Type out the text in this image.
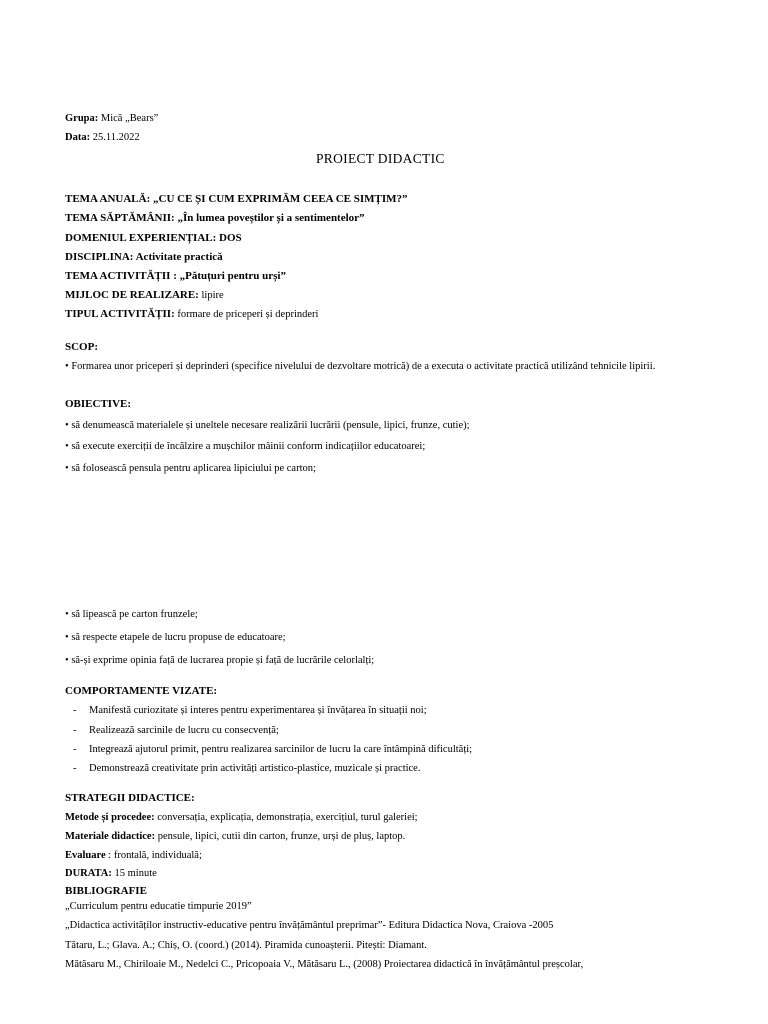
Grupa: Mică „Bears”
Data: 25.11.2022
PROIECT DIDACTIC
TEMA ANUALĂ: „CU CE ȘI CUM EXPRIMĂM CEEA CE SIMȚIM?”
TEMA SĂPTĂMÂNII: „În lumea poveștilor și a sentimentelor”
DOMENIUL EXPERIENȚIAL: DOS
DISCIPLINA: Activitate practică
TEMA ACTIVITĂȚII : „Pătuțuri pentru urși”
MIJLOC DE REALIZARE: lipire
TIPUL ACTIVITĂȚII: formare de priceperi și deprinderi
SCOP:
• Formarea unor priceperi și deprinderi (specifice nivelului de dezvoltare motrică) de a executa o activitate practică utilizând tehnicile lipirii.
OBIECTIVE:
• să denumească materialele și uneltele necesare realizării lucrării (pensule, lipici, frunze, cutie);
• să execute exerciții de încălzire a mușchilor mâinii conform indicațiilor educatoarei;
• să folosească pensula pentru aplicarea lipiciului pe carton;
• să lipească pe carton frunzele;
• să respecte etapele de lucru propuse de educatoare;
• să-și exprime opinia față de lucrarea propie și față de lucrările celorlalți;
COMPORTAMENTE VIZATE:
- Manifestă curiozitate și interes pentru experimentarea și învățarea în situații noi;
- Realizează sarcinile de lucru cu consecvență;
- Integrează ajutorul primit, pentru realizarea sarcinilor de lucru la care întâmpină dificultăți;
- Demonstrează creativitate prin activități artistico-plastice, muzicale și practice.
STRATEGII DIDACTICE:
Metode și procedee: conversația, explicația, demonstrația, exercițiul, turul galeriei;
Materiale didactice: pensule, lipici, cutii din carton, frunze, urși de pluș, laptop.
Evaluare : frontală, individuală;
DURATA: 15 minute
BIBLIOGRAFIE
„Curriculum pentru educatie timpurie 2019”
„Didactica activităților instructiv-educative pentru învățământul preprimar”- Editura Didactica Nova, Craiova -2005
Tătaru, L.; Glava. A.; Chiș, O. (coord.) (2014). Piramida cunoașterii. Pitești: Diamant.
Mătăsaru M., Chiriloaie M., Nedelci C., Pricopoaia V., Mătăsaru L., (2008) Proiectarea didactică în învățământul preșcolar,
